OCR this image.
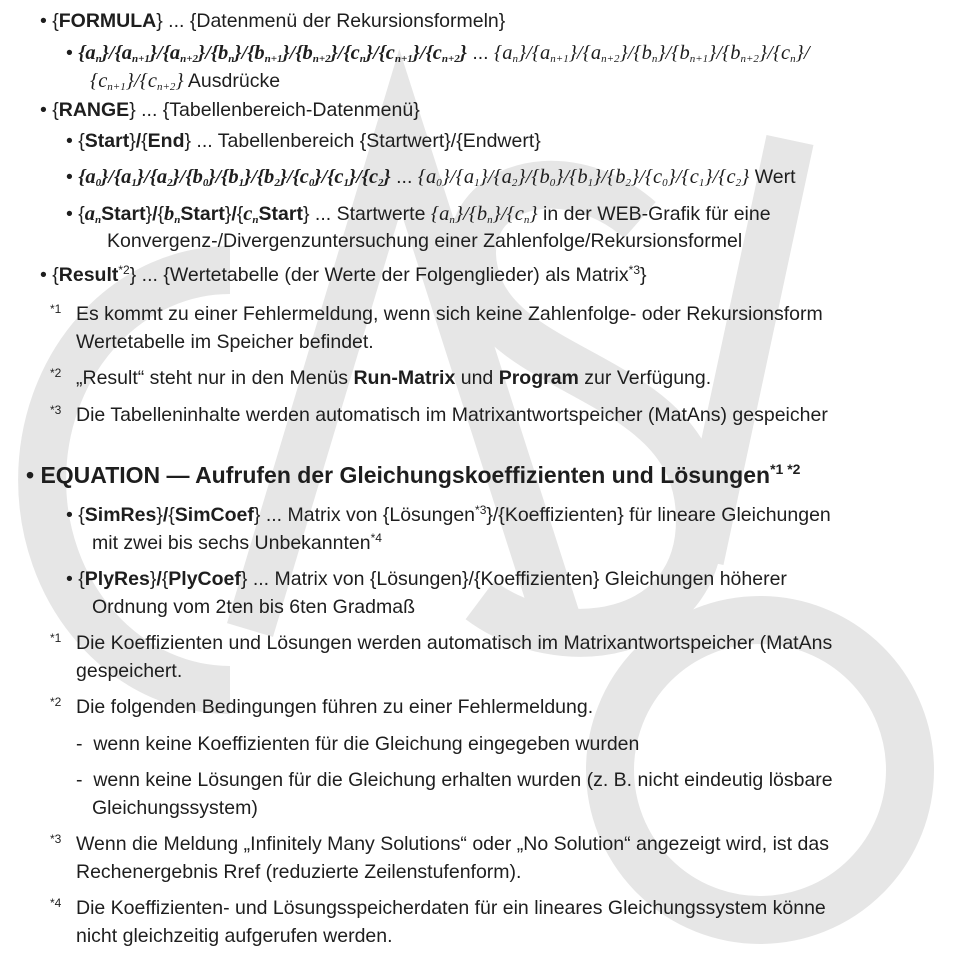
• {FORMULA} ... {Datenmenü der Rekursionsformeln}
• $\{a_n\}/\{a_{n+1}\}/\{a_{n+2}\}/\{b_n\}/\{b_{n+1}\}/\{b_{n+2}\}/\{c_n\}/\{c_{n+1}\}/\{c_{n+2}\}$ ... $\{a_n\}/\{a_{n+1}\}/\{a_{n+2}\}/\{b_n\}/\{b_{n+1}\}/\{b_{n+2}\}/\{c_n\}/$
$\{c_{n+1}\}/\{c_{n+2}\}$ Ausdrücke
• {RANGE} ... {Tabellenbereich-Datenmenü}
• {Start}/{End} ... Tabellenbereich {Startwert}/{Endwert}
• $\{a_0\}/\{a_1\}/\{a_2\}/\{b_0\}/\{b_1\}/\{b_2\}/\{c_0\}/\{c_1\}/\{c_2\}$ ... $\{a_0\}/\{a_1\}/\{a_2\}/\{b_0\}/\{b_1\}/\{b_2\}/\{c_0\}/\{c_1\}/\{c_2\}$ Wert
• $\{a_nStart\}/\{b_nStart\}/\{c_nStart\}$ ... Startwerte $\{a_n\}/\{b_n\}/\{c_n\}$ in der WEB-Grafik für eine
Konvergenz-/Divergenzuntersuchung einer Zahlenfolge/Rekursionsformel
• {Result$^{*2}$} ... {Wertetabelle (der Werte der Folgenglieder) als Matrix$^{*3}$}
$^{*1}$ Es kommt zu einer Fehlermeldung, wenn sich keine Zahlenfolge- oder Rekursionsform
Wertetabelle im Speicher befindet.
$^{*2}$ „Result“ steht nur in den Menüs Run-Matrix und Program zur Verfügung.
$^{*3}$ Die Tabelleninhalte werden automatisch im Matrixantwortspeicher (MatAns) gespeicher
• EQUATION — Aufrufen der Gleichungskoeffizienten und Lösungen$^{*1 *2}$
• {SimRes}/{SimCoef} ... Matrix von {Lösungen$^{*3}$}/{Koeffizienten} für lineare Gleichungen
mit zwei bis sechs Unbekannten$^{*4}$
• {PlyRes}/{PlyCoef} ... Matrix von {Lösungen}/{Koeffizienten} Gleichungen höherer
Ordnung vom 2ten bis 6ten Gradmaß
$^{*1}$ Die Koeffizienten und Lösungen werden automatisch im Matrixantwortspeicher (MatAns
gespeichert.
$^{*2}$ Die folgenden Bedingungen führen zu einer Fehlermeldung.
- wenn keine Koeffizienten für die Gleichung eingegeben wurden
- wenn keine Lösungen für die Gleichung erhalten wurden (z. B. nicht eindeutig lösbare
Gleichungssystem)
$^{*3}$ Wenn die Meldung „Infinitely Many Solutions“ oder „No Solution“ angezeigt wird, ist das
Rechenergebnis Rref (reduzierte Zeilenstufenform).
$^{*4}$ Die Koeffizienten- und Lösungsspeicherdaten für ein lineares Gleichungssystem könne
nicht gleichzeitig aufgerufen werden.
